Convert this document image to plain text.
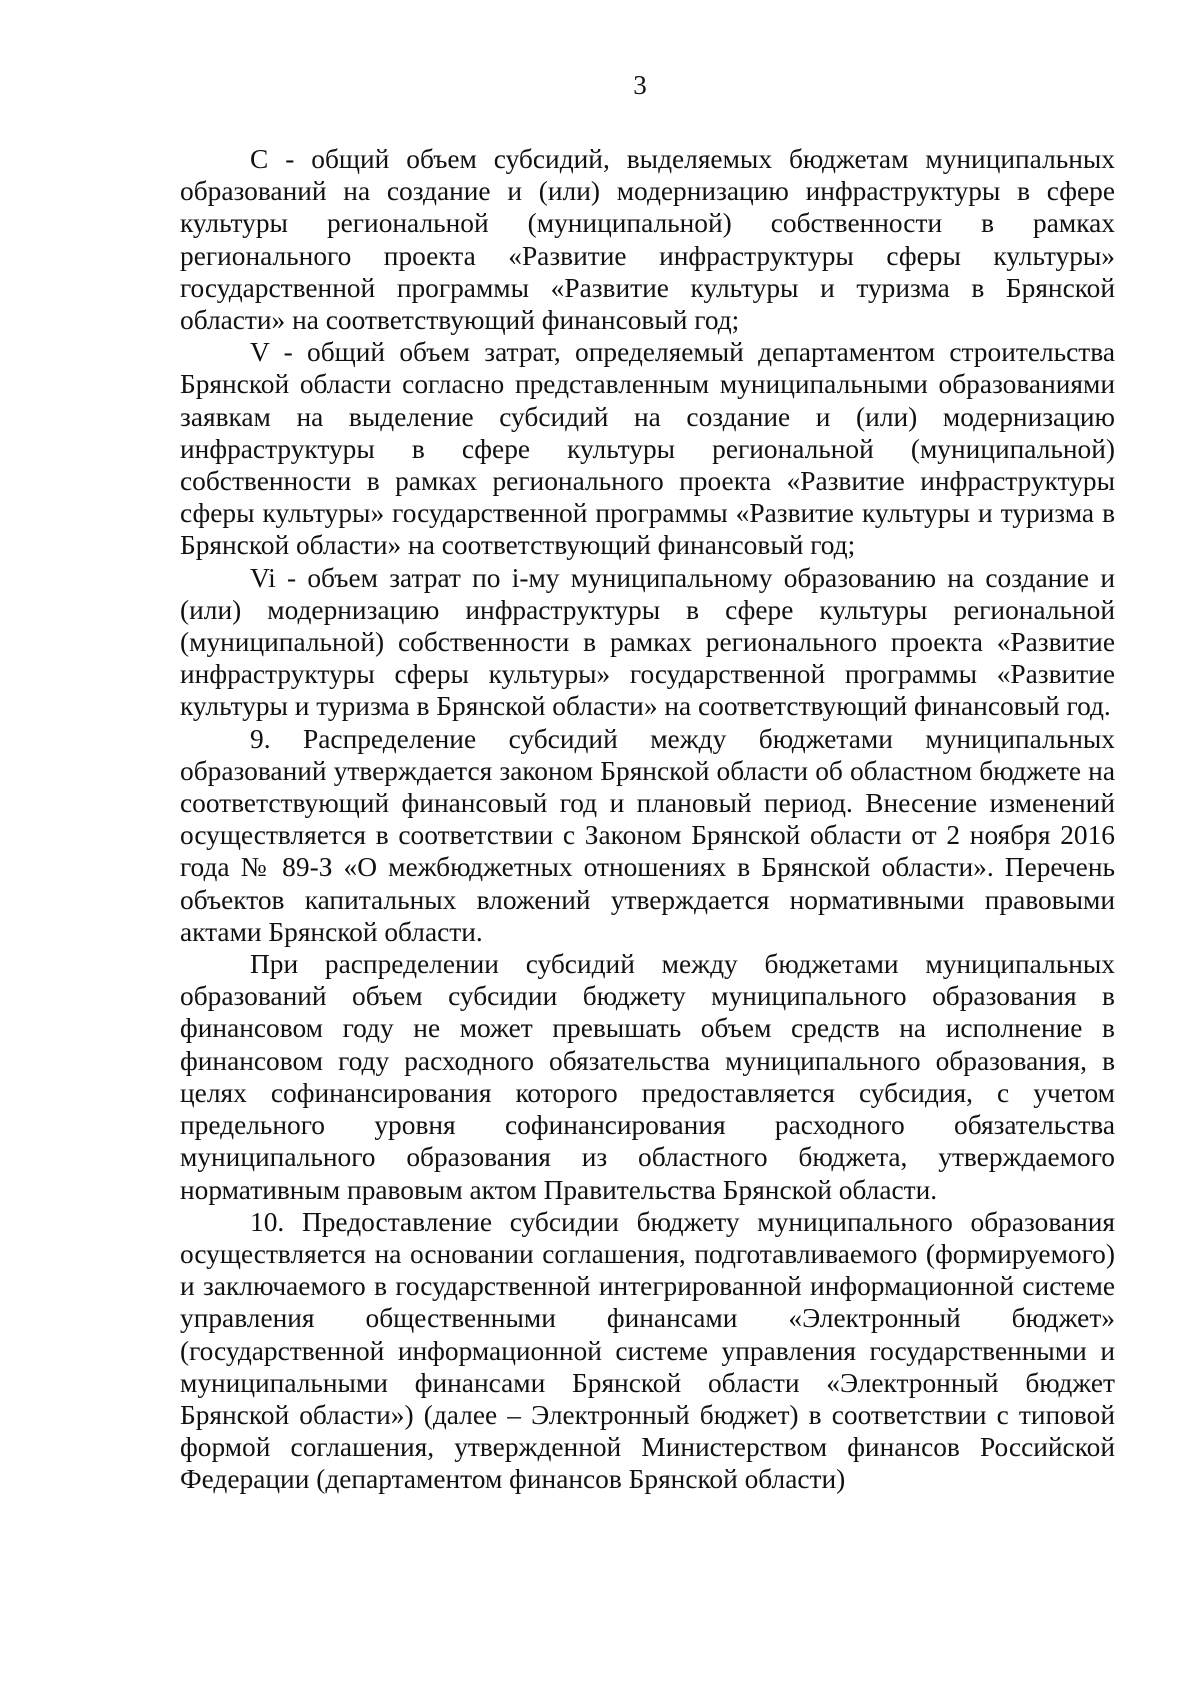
3

C - общий объем субсидий, выделяемых бюджетам муниципальных образований на создание и (или) модернизацию инфраструктуры в сфере культуры региональной (муниципальной) собственности в рамках регионального проекта «Развитие инфраструктуры сферы культуры» государственной программы «Развитие культуры и туризма в Брянской области» на соответствующий финансовый год;

V - общий объем затрат, определяемый департаментом строительства Брянской области согласно представленным муниципальными образованиями заявкам на выделение субсидий на создание и (или) модернизацию инфраструктуры в сфере культуры региональной (муниципальной) собственности в рамках регионального проекта «Развитие инфраструктуры сферы культуры» государственной программы «Развитие культуры и туризма в Брянской области» на соответствующий финансовый год;

Vi - объем затрат по i-му муниципальному образованию на создание и (или) модернизацию инфраструктуры в сфере культуры региональной (муниципальной) собственности в рамках регионального проекта «Развитие инфраструктуры сферы культуры» государственной программы «Развитие культуры и туризма в Брянской области» на соответствующий финансовый год.

9. Распределение субсидий между бюджетами муниципальных образований утверждается законом Брянской области об областном бюджете на соответствующий финансовый год и плановый период. Внесение изменений осуществляется в соответствии с Законом Брянской области от 2 ноября 2016 года № 89-З «О межбюджетных отношениях в Брянской области». Перечень объектов капитальных вложений утверждается нормативными правовыми актами Брянской области.

При распределении субсидий между бюджетами муниципальных образований объем субсидии бюджету муниципального образования в финансовом году не может превышать объем средств на исполнение в финансовом году расходного обязательства муниципального образования, в целях софинансирования которого предоставляется субсидия, с учетом предельного уровня софинансирования расходного обязательства муниципального образования из областного бюджета, утверждаемого нормативным правовым актом Правительства Брянской области.

10. Предоставление субсидии бюджету муниципального образования осуществляется на основании соглашения, подготавливаемого (формируемого) и заключаемого в государственной интегрированной информационной системе управления общественными финансами «Электронный бюджет» (государственной информационной системе управления государственными и муниципальными финансами Брянской области «Электронный бюджет Брянской области») (далее – Электронный бюджет) в соответствии с типовой формой соглашения, утвержденной Министерством финансов Российской Федерации (департаментом финансов Брянской области)
